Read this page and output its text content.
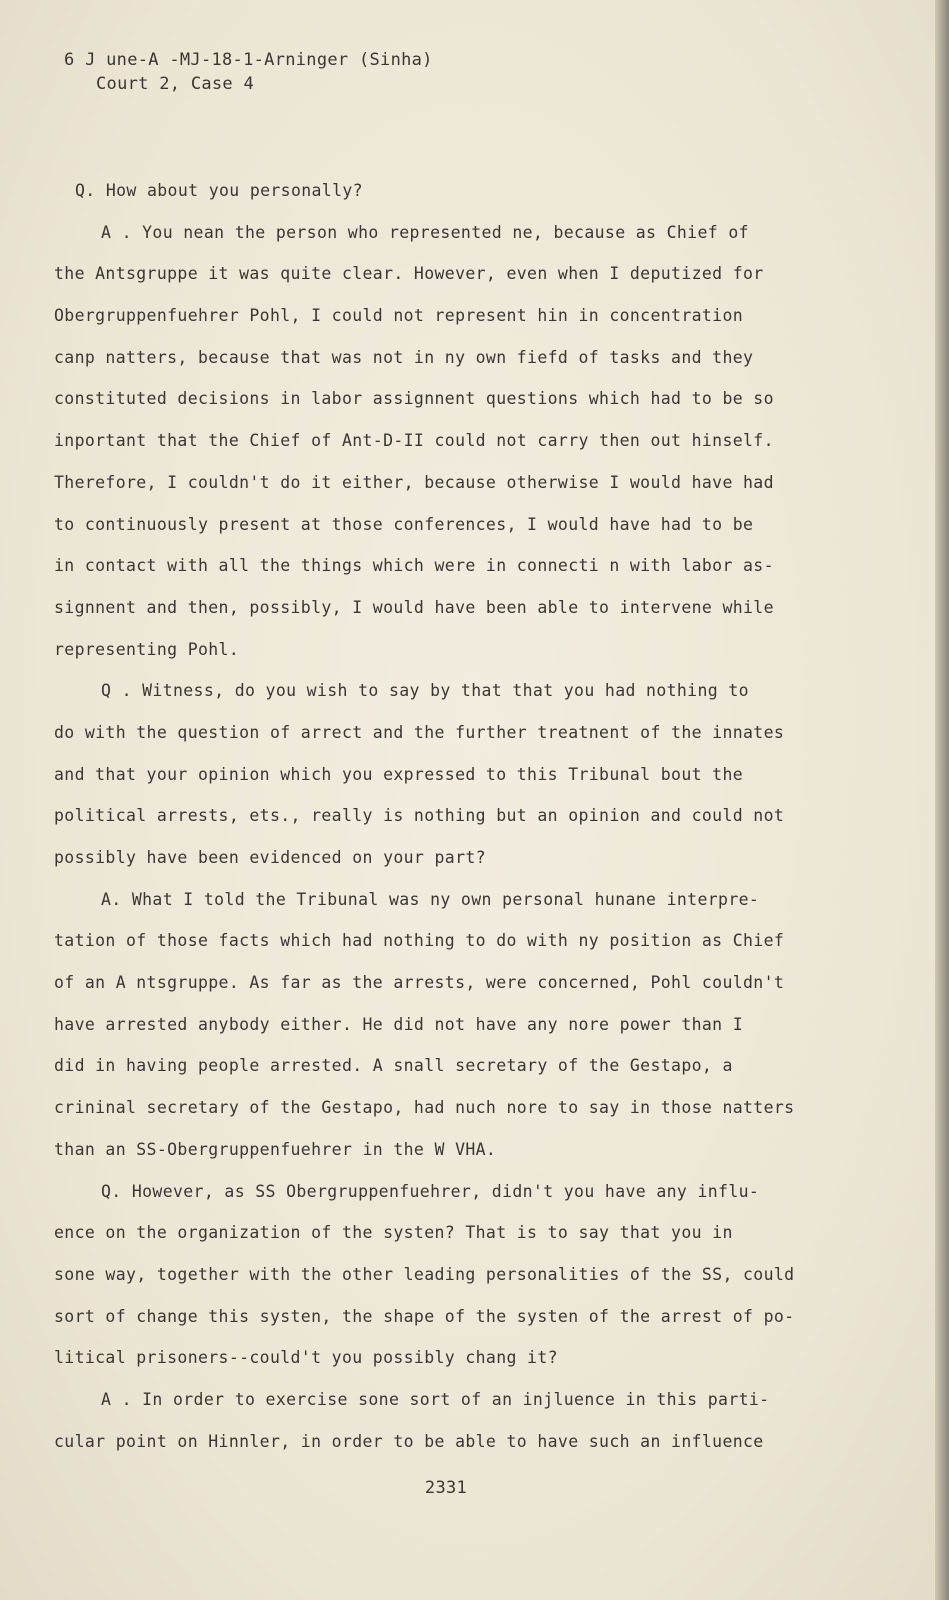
6 J une-A -MJ-18-1-Arninger (Sinha)
Court 2, Case 4
Q. How about you personally?
A . You nean the person who represented ne, because as Chief of
the Antsgruppe it was quite clear. However, even when I deputized for
Obergruppenfuehrer Pohl, I could not represent hin in concentration
canp natters, because that was not in ny own fiefd of tasks and they
constituted decisions in labor assignnent questions which had to be so
inportant that the Chief of Ant-D-II could not carry then out hinself.
Therefore, I couldn't do it either, because otherwise I would have had
to continuously present at those conferences, I would have had to be
in contact with all the things which were in connecti n with labor as-
signnent and then, possibly, I would have been able to intervene while
representing Pohl.
Q . Witness, do you wish to say by that that you had nothing to
do with the question of arrect and the further treatnent of the innates
and that your opinion which you expressed to this Tribunal bout the
political arrests, ets., really is nothing but an opinion and could not
possibly have been evidenced on your part?
A. What I told the Tribunal was ny own personal hunane interpre-
tation of those facts which had nothing to do with ny position as Chief
of an A ntsgruppe. As far as the arrests, were concerned, Pohl couldn't
have arrested anybody either. He did not have any nore power than I
did in having people arrested. A snall secretary of the Gestapo, a
crininal secretary of the Gestapo, had nuch nore to say in those natters
than an SS-Obergruppenfuehrer in the W VHA.
Q. However, as SS Obergruppenfuehrer, didn't you have any influ-
ence on the organization of the systen? That is to say that you in
sone way, together with the other leading personalities of the SS, could
sort of change this systen, the shape of the systen of the arrest of po-
litical prisoners--could't you possibly chang it?
A . In order to exercise sone sort of an injluence in this parti-
cular point on Hinnler, in order to be able to have such an influence
2331
